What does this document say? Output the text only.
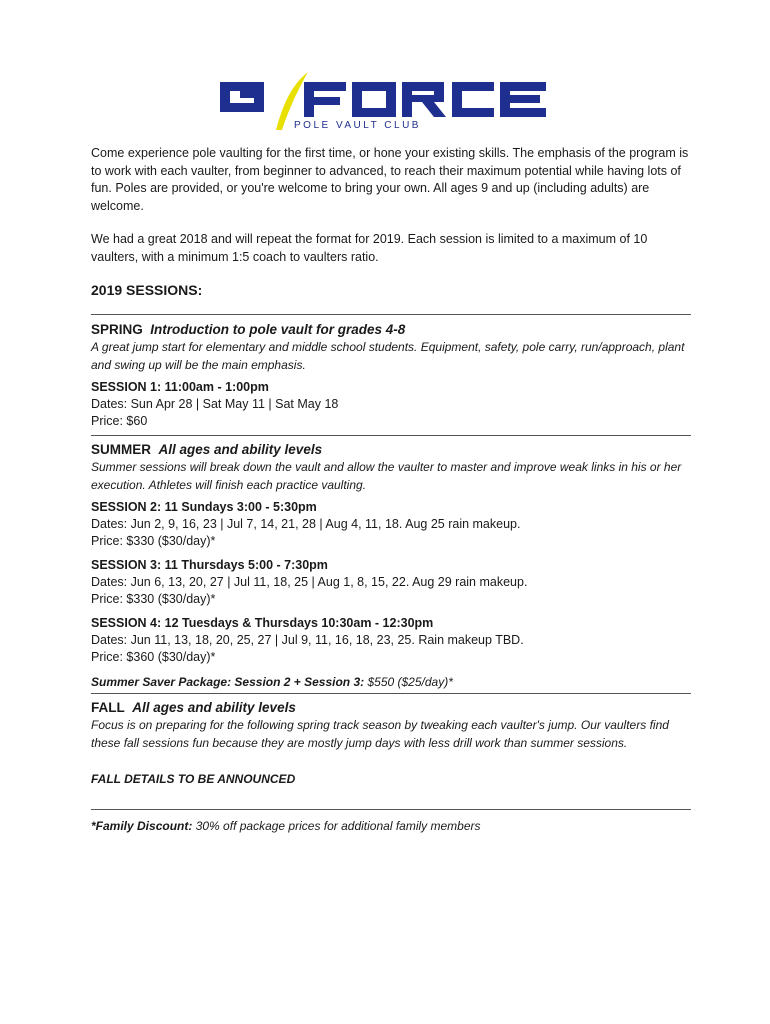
POLE VAULT CLUB

Come experience pole vaulting for the first time, or hone your existing skills. The emphasis of the program is to work with each vaulter, from beginner to advanced, to reach their maximum potential while having lots of fun. Poles are provided, or you're welcome to bring your own. All ages 9 and up (including adults) are welcome.

We had a great 2018 and will repeat the format for 2019. Each session is limited to a maximum of 10 vaulters, with a minimum 1:5 coach to vaulters ratio.

2019 SESSIONS:

SPRING Introduction to pole vault for grades 4-8

A great jump start for elementary and middle school students. Equipment, safety, pole carry, run/approach, plant and swing up will be the main emphasis.

SESSION 1: 11:00am - 1:00pm

Dates: Sun Apr 28 | Sat May 11 | Sat May 18

Price: $60

SUMMER All ages and ability levels

Summer sessions will break down the vault and allow the vaulter to master and improve weak links in his or her execution. Athletes will finish each practice vaulting.

SESSION 2: 11 Sundays 3:00 - 5:30pm

Dates: Jun 2, 9, 16, 23 | Jul 7, 14, 21, 28 | Aug 4, 11, 18. Aug 25 rain makeup.

Price: $330 ($30/day)*

SESSION 3: 11 Thursdays 5:00 - 7:30pm

Dates: Jun 6, 13, 20, 27 | Jul 11, 18, 25 | Aug 1, 8, 15, 22. Aug 29 rain makeup.

Price: $330 ($30/day)*

SESSION 4: 12 Tuesdays & Thursdays 10:30am - 12:30pm

Dates: Jun 11, 13, 18, 20, 25, 27 | Jul 9, 11, 16, 18, 23, 25. Rain makeup TBD.

Price: $360 ($30/day)*

Summer Saver Package: Session 2 + Session 3: $550 ($25/day)*

FALL All ages and ability levels

Focus is on preparing for the following spring track season by tweaking each vaulter's jump. Our vaulters find these fall sessions fun because they are mostly jump days with less drill work than summer sessions.

FALL DETAILS TO BE ANNOUNCED

*Family Discount: 30% off package prices for additional family members
